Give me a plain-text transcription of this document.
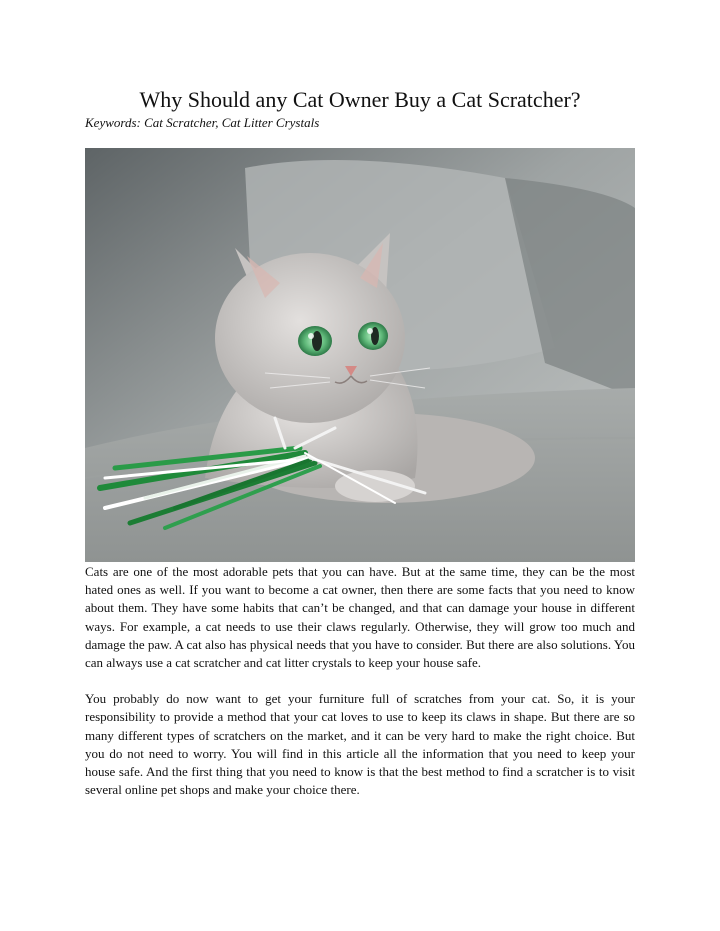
Why Should any Cat Owner Buy a Cat Scratcher?
Keywords: Cat Scratcher, Cat Litter Crystals

Cats are one of the most adorable pets that you can have. But at the same time, they can be the most hated ones as well. If you want to become a cat owner, then there are some facts that you need to know about them. They have some habits that can’t be changed, and that can damage your house in different ways. For example, a cat needs to use their claws regularly. Otherwise, they will grow too much and damage the paw. A cat also has physical needs that you have to consider. But there are also solutions. You can always use a cat scratcher and cat litter crystals to keep your house safe.

You probably do now want to get your furniture full of scratches from your cat. So, it is your responsibility to provide a method that your cat loves to use to keep its claws in shape. But there are so many different types of scratchers on the market, and it can be very hard to make the right choice. But you do not need to worry. You will find in this article all the information that you need to keep your house safe. And the first thing that you need to know is that the best method to find a scratcher is to visit several online pet shops and make your choice there.
